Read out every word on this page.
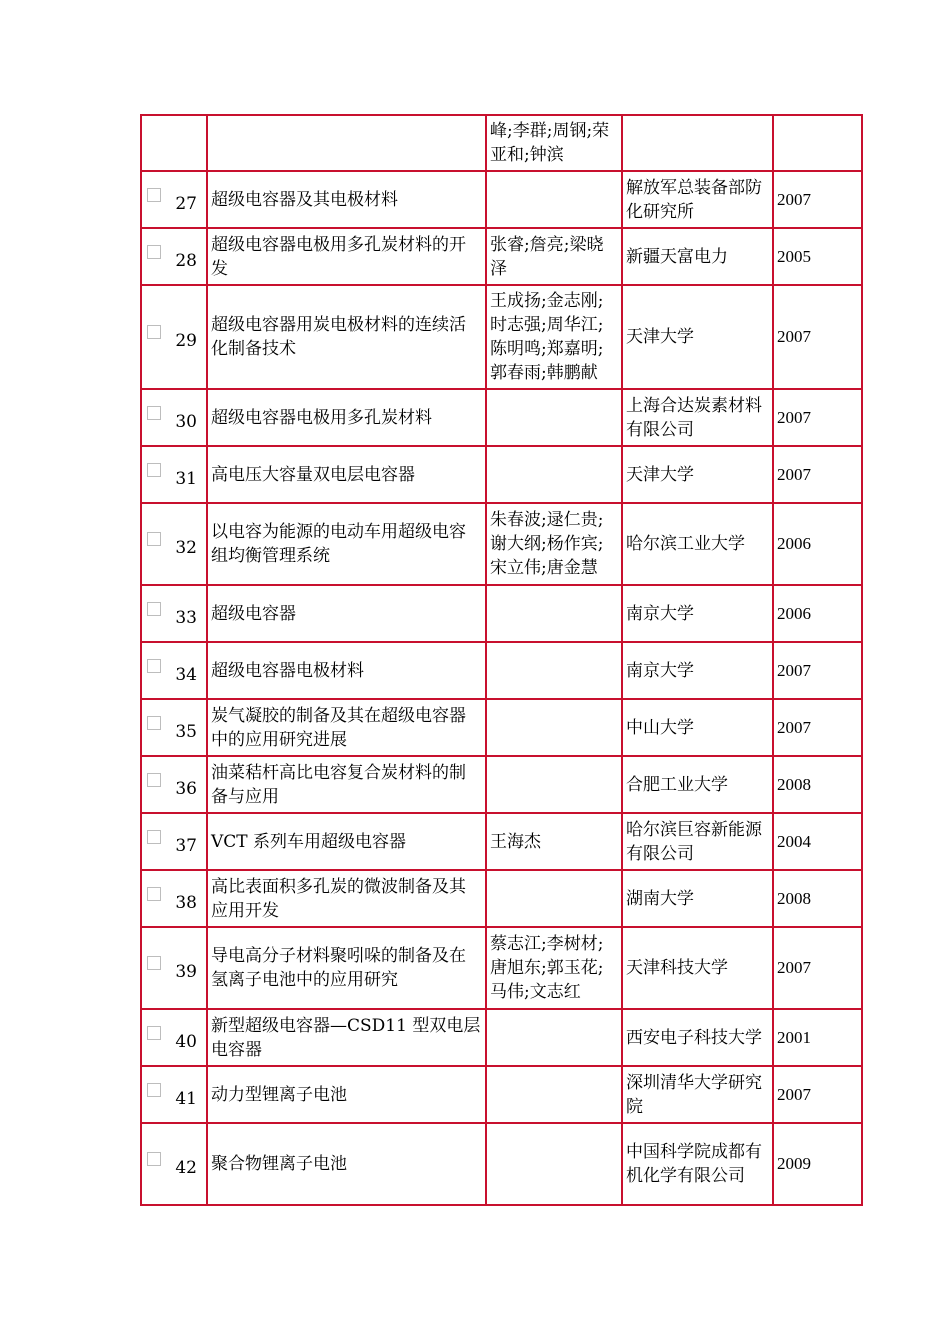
		峰;李群;周钢;荣亚和;钟滨		

27	超级电容器及其电极材料		解放军总装备部防化研究所	2007

28	超级电容器电极用多孔炭材料的开发	张睿;詹亮;梁晓泽	新疆天富电力	2005

29	超级电容器用炭电极材料的连续活化制备技术	王成扬;金志刚;时志强;周华江;陈明鸣;郑嘉明;郭春雨;韩鹏献	天津大学	2007

30	超级电容器电极用多孔炭材料		上海合达炭素材料有限公司	2007

31	高电压大容量双电层电容器		天津大学	2007

32	以电容为能源的电动车用超级电容组均衡管理系统	朱春波;逯仁贵;谢大纲;杨作宾;宋立伟;唐金慧	哈尔滨工业大学	2006

33	超级电容器		南京大学	2006

34	超级电容器电极材料		南京大学	2007

35	炭气凝胶的制备及其在超级电容器中的应用研究进展		中山大学	2007

36	油菜秸杆高比电容复合炭材料的制备与应用		合肥工业大学	2008

37	VCT 系列车用超级电容器	王海杰	哈尔滨巨容新能源有限公司	2004

38	高比表面积多孔炭的微波制备及其应用开发		湖南大学	2008

39	导电高分子材料聚吲哚的制备及在氢离子电池中的应用研究	蔡志江;李树材;唐旭东;郭玉花;马伟;文志红	天津科技大学	2007

40	新型超级电容器—CSD11 型双电层电容器		西安电子科技大学	2001

41	动力型锂离子电池		深圳清华大学研究院	2007

42	聚合物锂离子电池		中国科学院成都有机化学有限公司	2009
